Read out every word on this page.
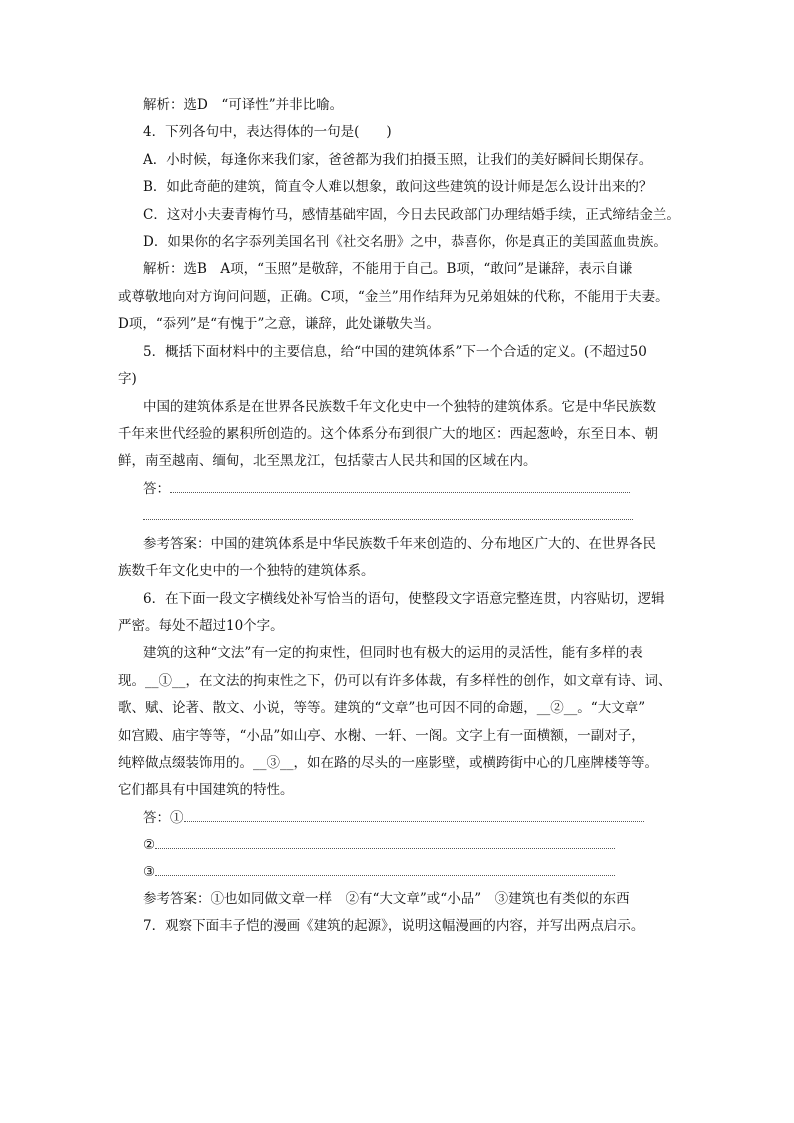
解析：选D　“可译性”并非比喻。
4．下列各句中，表达得体的一句是(　　)
A．小时候，每逢你来我们家，爸爸都为我们拍摄玉照，让我们的美好瞬间长期保存。
B．如此奇葩的建筑，简直令人难以想象，敢问这些建筑的设计师是怎么设计出来的？
C．这对小夫妻青梅竹马，感情基础牢固，今日去民政部门办理结婚手续，正式缔结金兰。
D．如果你的名字忝列美国名刊《社交名册》之中，恭喜你，你是真正的美国蓝血贵族。
解析：选B　A项，“玉照”是敬辞，不能用于自己。B项，“敢问”是谦辞，表示自谦
或尊敬地向对方询问问题，正确。C项，“金兰”用作结拜为兄弟姐妹的代称，不能用于夫妻。
D项，“忝列”是“有愧于”之意，谦辞，此处谦敬失当。
5．概括下面材料中的主要信息，给“中国的建筑体系”下一个合适的定义。(不超过50
字)
中国的建筑体系是在世界各民族数千年文化史中一个独特的建筑体系。它是中华民族数
千年来世代经验的累积所创造的。这个体系分布到很广大的地区：西起葱岭，东至日本、朝
鲜，南至越南、缅甸，北至黑龙江，包括蒙古人民共和国的区域在内。
答：
参考答案：中国的建筑体系是中华民族数千年来创造的、分布地区广大的、在世界各民
族数千年文化史中的一个独特的建筑体系。
6．在下面一段文字横线处补写恰当的语句，使整段文字语意完整连贯，内容贴切，逻辑
严密。每处不超过10个字。
建筑的这种“文法”有一定的拘束性，但同时也有极大的运用的灵活性，能有多样的表
现。__①__，在文法的拘束性之下，仍可以有许多体裁，有多样性的创作，如文章有诗、词、
歌、赋、论著、散文、小说，等等。建筑的“文章”也可因不同的命题，__②__。“大文章”
如宫殿、庙宇等等，“小品”如山亭、水榭、一轩、一阁。文字上有一面横额，一副对子，
纯粹做点缀装饰用的。__③__，如在路的尽头的一座影壁，或横跨街中心的几座牌楼等等。
它们都具有中国建筑的特性。
答：①
②
③
参考答案：①也如同做文章一样　②有“大文章”或“小品”　③建筑也有类似的东西
7．观察下面丰子恺的漫画《建筑的起源》，说明这幅漫画的内容，并写出两点启示。
